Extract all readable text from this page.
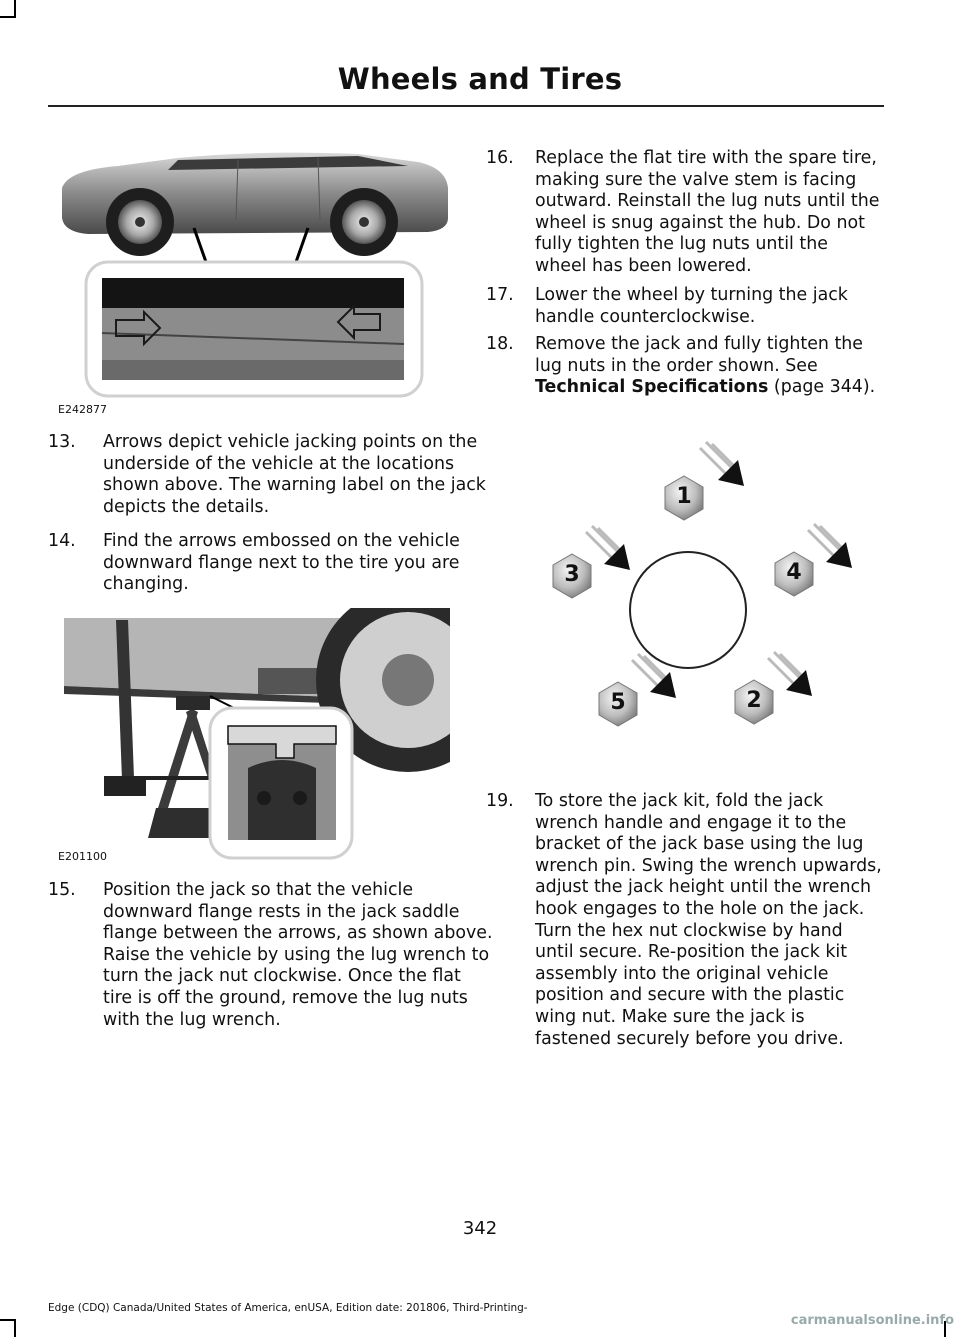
Wheels and Tires
E242877
13. Arrows depict vehicle jacking points on the underside of the vehicle at the locations shown above. The warning label on the jack depicts the details.
14. Find the arrows embossed on the vehicle downward flange next to the tire you are changing.
E201100
15. Position the jack so that the vehicle downward flange rests in the jack saddle flange between the arrows, as shown above. Raise the vehicle by using the lug wrench to turn the jack nut clockwise. Once the flat tire is off the ground, remove the lug nuts with the lug wrench.
16. Replace the flat tire with the spare tire, making sure the valve stem is facing outward. Reinstall the lug nuts until the wheel is snug against the hub. Do not fully tighten the lug nuts until the wheel has been lowered.
17. Lower the wheel by turning the jack handle counterclockwise.
18. Remove the jack and fully tighten the lug nuts in the order shown. See Technical Specifications (page 344).
1
3	4
5	2
19. To store the jack kit, fold the jack wrench handle and engage it to the bracket of the jack base using the lug wrench pin. Swing the wrench upwards, adjust the jack height until the wrench hook engages to the hole on the jack. Turn the hex nut clockwise by hand until secure. Re-position the jack kit assembly into the original vehicle position and secure with the plastic wing nut. Make sure the jack is fastened securely before you drive.
342
Edge (CDQ) Canada/United States of America, enUSA, Edition date: 201806, Third-Printing-
carmanualsonline.info
